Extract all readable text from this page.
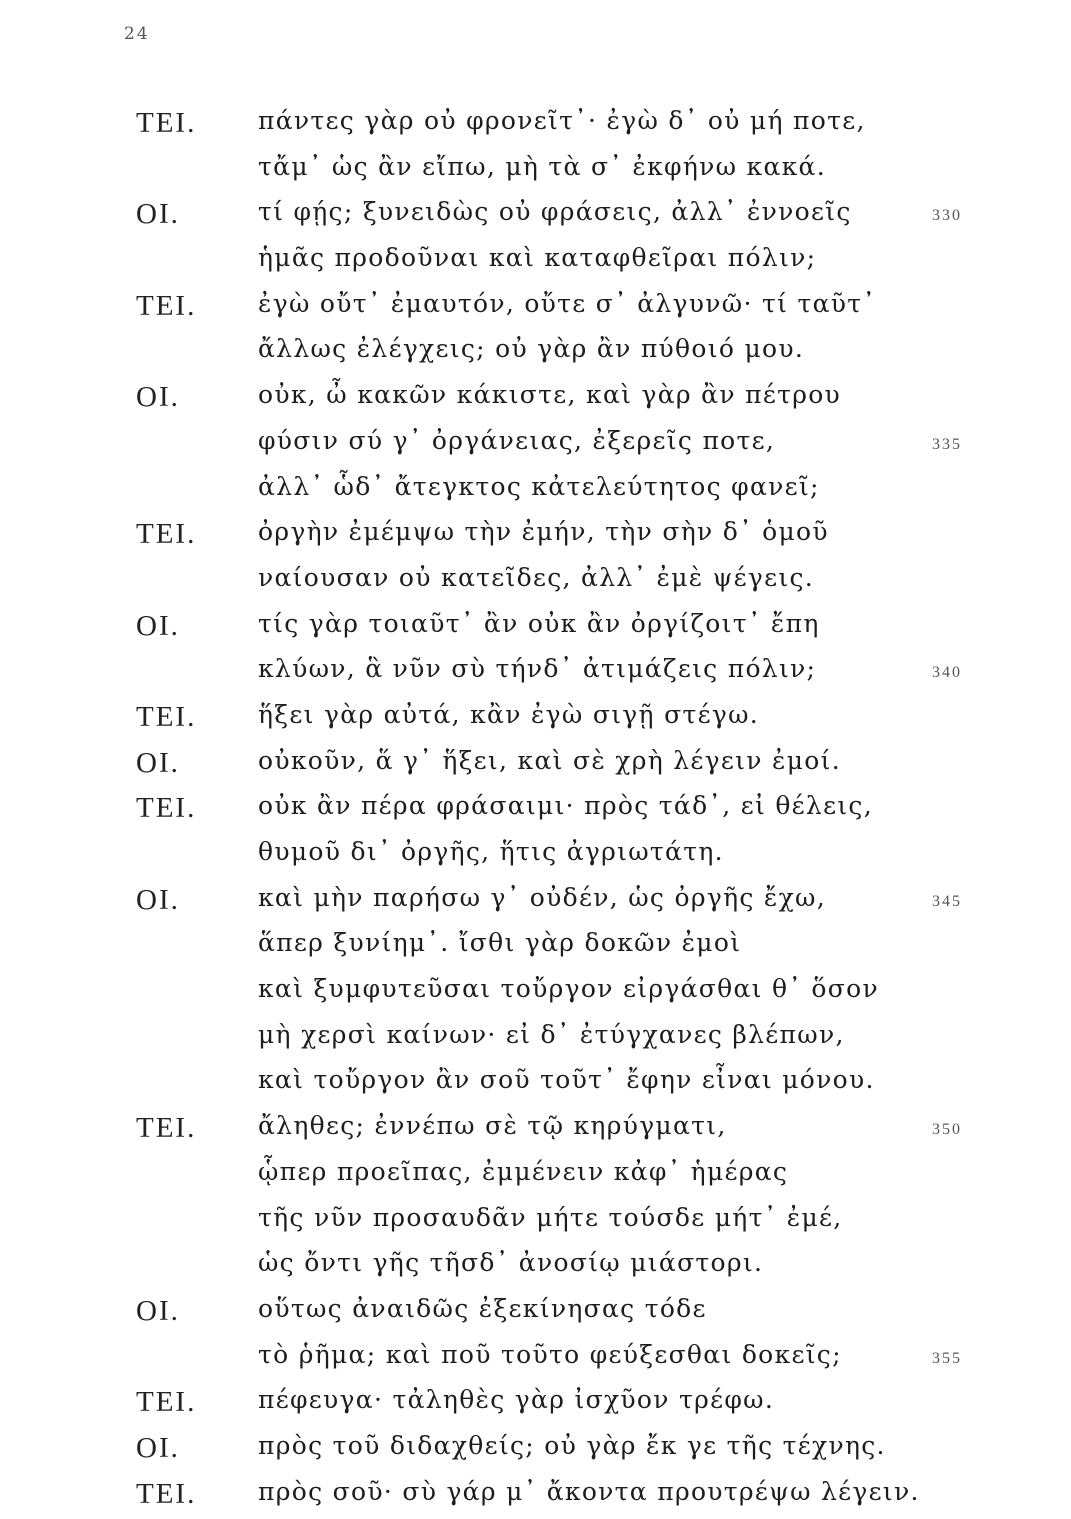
24
ΤΕΙ. πάντες γὰρ οὐ φρονεῖτ᾽· ἐγὼ δ᾽ οὐ μή ποτε,
τἄμ᾽ ὡς ἂν εἴπω, μὴ τὰ σ᾽ ἐκφήνω κακά.
ΟΙ.	τί φῄς; ξυνειδὼς οὐ φράσεις, ἀλλ᾽ ἐννοεῖς	330
ἡμᾶς προδοῦναι καὶ καταφθεῖραι πόλιν;
ΤΕΙ. ἐγὼ οὔτ᾽ ἐμαυτόν, οὔτε σ᾽ ἀλγυνῶ· τί ταῦτ᾽
ἄλλως ἐλέγχεις; οὐ γὰρ ἂν πύθοιό μου.
ΟΙ.	οὐκ, ὦ κακῶν κάκιστε, καὶ γὰρ ἂν πέτρου
φύσιν σύ γ᾽ ὀργάνειας, ἐξερεῖς ποτε,	335
ἀλλ᾽ ὧδ᾽ ἄτεγκτος κἀτελεύτητος φανεῖ;
ΤΕΙ. ὀργὴν ἐμέμψω τὴν ἐμήν, τὴν σὴν δ᾽ ὁμοῦ
ναίουσαν οὐ κατεῖδες, ἀλλ᾽ ἐμὲ ψέγεις.
ΟΙ.	τίς γὰρ τοιαῦτ᾽ ἂν οὐκ ἂν ὀργίζοιτ᾽ ἔπη
κλύων, ἃ νῦν σὺ τήνδ᾽ ἀτιμάζεις πόλιν;	340
ΤΕΙ. ἥξει γὰρ αὐτά, κἂν ἐγὼ σιγῇ στέγω.
ΟΙ.	οὐκοῦν, ἅ γ᾽ ἥξει, καὶ σὲ χρὴ λέγειν ἐμοί.
ΤΕΙ. οὐκ ἂν πέρα φράσαιμι· πρὸς τάδ᾽, εἰ θέλεις,
θυμοῦ δι᾽ ὀργῆς, ἥτις ἀγριωτάτη.
ΟΙ.	καὶ μὴν παρήσω γ᾽ οὐδέν, ὡς ὀργῆς ἔχω,	345
ἅπερ ξυνίημ᾽. ἴσθι γὰρ δοκῶν ἐμοὶ
καὶ ξυμφυτεῦσαι τοὔργον εἰργάσθαι θ᾽ ὅσον
μὴ χερσὶ καίνων· εἰ δ᾽ ἐτύγχανες βλέπων,
καὶ τοὔργον ἂν σοῦ τοῦτ᾽ ἔφην εἶναι μόνου.
ΤΕΙ. ἄληθες; ἐννέπω σὲ τῷ κηρύγματι,	350
ᾧπερ προεῖπας, ἐμμένειν κἀφ᾽ ἡμέρας
τῆς νῦν προσαυδᾶν μήτε τούσδε μήτ᾽ ἐμέ,
ὡς ὄντι γῆς τῆσδ᾽ ἀνοσίῳ μιάστορι.
ΟΙ.	οὕτως ἀναιδῶς ἐξεκίνησας τόδε
τὸ ῥῆμα; καὶ ποῦ τοῦτο φεύξεσθαι δοκεῖς;	355
ΤΕΙ. πέφευγα· τἀληθὲς γὰρ ἰσχῦον τρέφω.
ΟΙ.	πρὸς τοῦ διδαχθείς; οὐ γὰρ ἔκ γε τῆς τέχνης.
ΤΕΙ. πρὸς σοῦ· σὺ γάρ μ᾽ ἄκοντα προυτρέψω λέγειν.
